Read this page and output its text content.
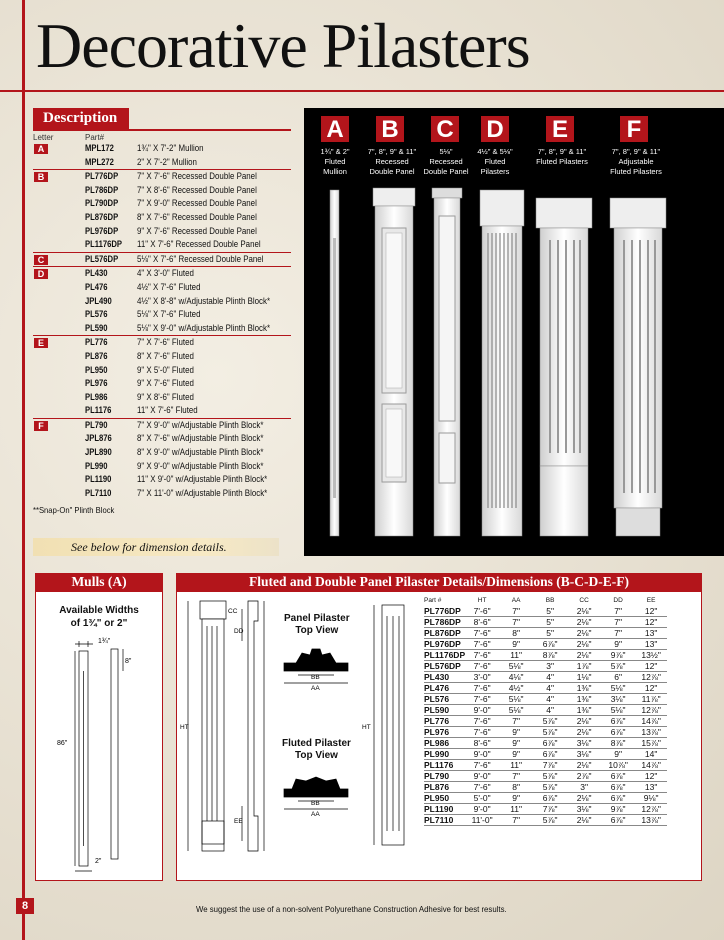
Decorative Pilasters
Description
Letter	Part#
A	MPL172	1¾" X 7'-2" Mullion
MPL272	2" X 7'-2" Mullion
B	PL776DP 7" X 7'-6" Recessed Double Panel
PL786DP 7" X 8'-6" Recessed Double Panel
PL790DP 7" X 9'-0" Recessed Double Panel
PL876DP 8" X 7'-6" Recessed Double Panel
PL976DP 9" X 7'-6" Recessed Double Panel
PL1176DP 11" X 7'-6" Recessed Double Panel
C	PL576DP 5⅛" X 7'-6" Recessed Double Panel
D	PL430	4" X 3'-0" Fluted
PL476	4½" X 7'-6" Fluted
JPL490	4½" X 8'-8" w/Adjustable Plinth Block*
PL576	5⅛" X 7'-6" Fluted
PL590	5⅛" X 9'-0" w/Adjustable Plinth Block*
E	PL776	7" X 7'-6" Fluted
PL876	8" X 7'-6" Fluted
PL950	9" X 5'-0" Fluted
PL976	9" X 7'-6" Fluted
PL986	9" X 8'-6" Fluted
PL1176	11" X 7'-6" Fluted
F	PL790	7" X 9'-0" w/Adjustable Plinth Block*
JPL876	8" X 7'-6" w/Adjustable Plinth Block*
JPL890	8" X 9'-0" w/Adjustable Plinth Block*
PL990	9" X 9'-0" w/Adjustable Plinth Block*
PL1190	11" X 9'-0" w/Adjustable Plinth Block*
PL7110	7" X 11'-0" w/Adjustable Plinth Block*
**Snap-On" Plinth Block
See below for dimension details.
A
1¾" & 2"
Fluted
Mullion
B
7", 8", 9" & 11"
Recessed
Double Panel
C
5⅛"
Recessed
Double Panel
D
4½" & 5⅛"
Fluted
Pilasters
E
7", 8", 9" & 11"
Fluted Pilasters
F
7", 8", 9" & 11"
Adjustable
Fluted Pilasters
Mulls (A)
Available Widths
of 1¾" or 2"
1¾"
8"
86"
2"
Fluted and Double Panel Pilaster Details/Dimensions (B-C-D-E-F)
CC
DD
EE
HT	HT
BB
AA
BB
AA
Panel Pilaster
Top View
Fluted Pilaster
Top View
Part #	HT	AA	BB	CC	DD	EE
PL776DP	7'-6"	7"	5"	2⅛"	7"	12"
PL786DP	8'-6"	7"	5"	2⅛"	7"	12"
PL876DP	7'-6"	8"	5"	2⅛"	7"	13"
PL976DP	7'-6"	9"	6⅞"	2⅛"	9"	13"
PL1176DP	7'-6"	11"	8⅞"	2⅛"	9⅞"	13½"
PL576DP	7'-6"	5⅛"	3"	1⅞"	5⅞"	12"
PL430	3'-0"	4⅛"	4"	1⅛"	6"	12⅞"
PL476	7'-6"	4½"	4"	1⅜"	5⅛"	12"
PL576	7'-6"	5⅛"	4"	1⅜"	3⅛"	11⅞"
PL590	9'-0"	5⅛"	4"	1⅜"	5⅛"	12⅞"
PL776	7'-6"	7"	5⅞"	2⅛"	6⅞"	14⅞"
PL976	7'-6"	9"	5⅞"	2⅛"	6⅞"	13⅞"
PL986	8'-6"	9"	6⅞"	3⅛"	8⅞"	15⅞"
PL990	9'-0"	9"	6⅞"	3⅛"	9"	14"
PL1176	7'-6"	11"	7⅞"	2⅛"	10⅞"	14⅞"
PL790	9'-0"	7"	5⅞"	2⅞"	6⅞"	12"
PL876	7'-6"	8"	5⅞"	3"	6⅞"	13"
PL950	5'-0"	9"	6⅞"	2⅛"	6⅞"	9⅛"
PL1190	9'-0"	11"	7⅞"	3⅛"	9⅞"	12⅞"
PL7110	11'-0"	7"	5⅞"	2⅛"	6⅞"	13⅞"
8	We suggest the use of a non-solvent Polyurethane Construction Adhesive for best results.
